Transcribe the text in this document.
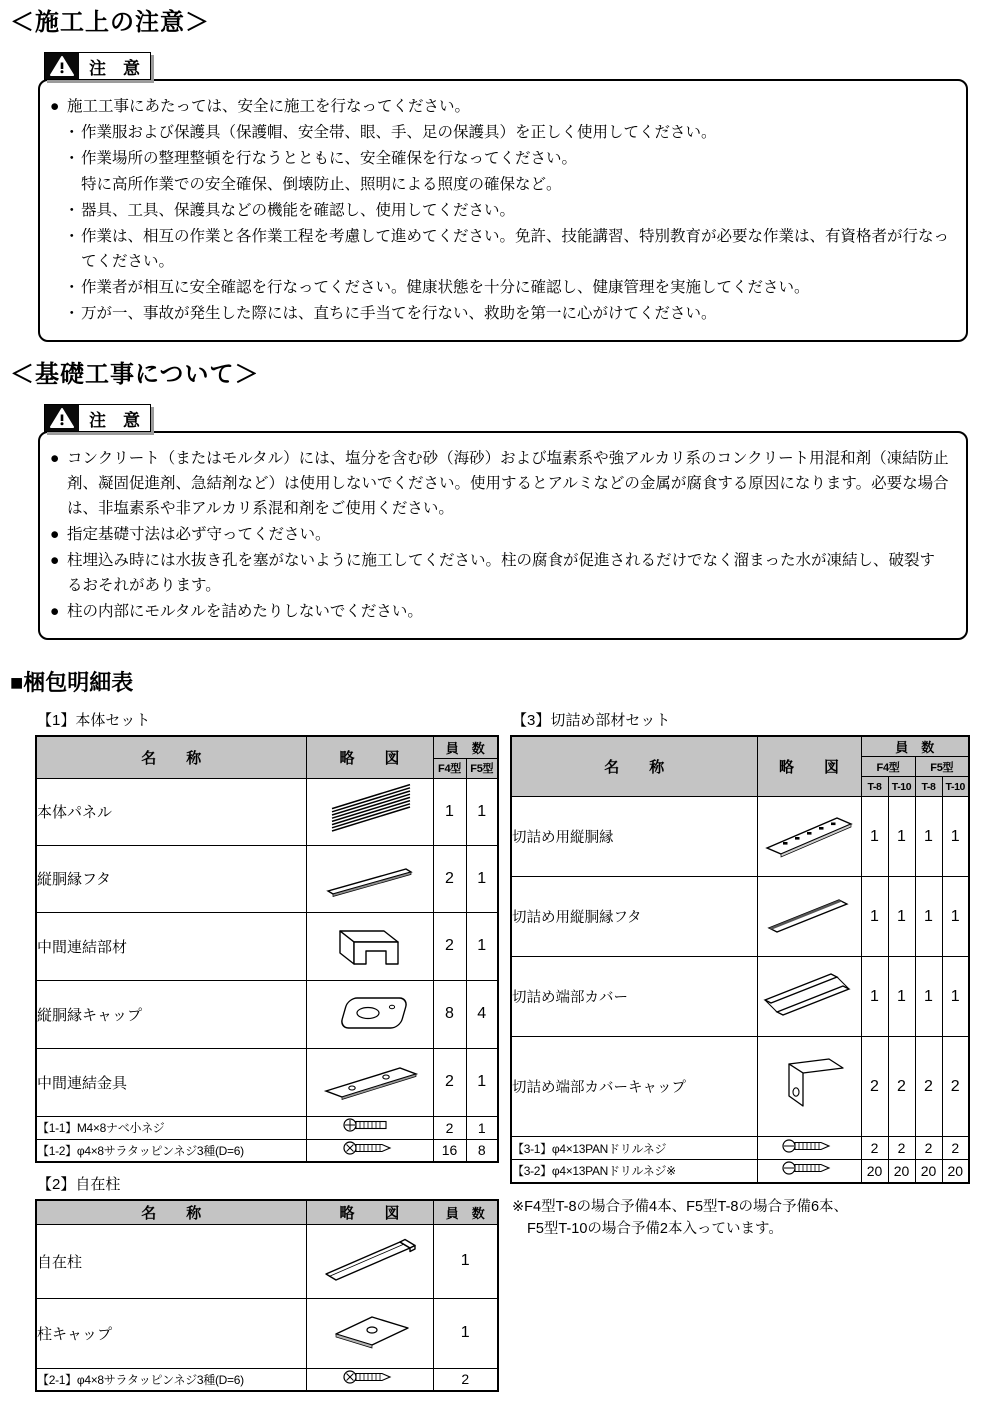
＜施工上の注意＞
注　意
● 施工工事にあたっては、安全に施工を行なってください。
・ 作業服および保護具（保護帽、安全帯、眼、手、足の保護具）を正しく使用してください。
・ 作業場所の整理整頓を行なうとともに、安全確保を行なってください。
特に高所作業での安全確保、倒壊防止、照明による照度の確保など。
・ 器具、工具、保護具などの機能を確認し、使用してください。
・ 作業は、相互の作業と各作業工程を考慮して進めてください。免許、技能講習、特別教育が必要な作業は、有資格者が行なってください。
・ 作業者が相互に安全確認を行なってください。健康状態を十分に確認し、健康管理を実施してください。
・ 万が一、事故が発生した際には、直ちに手当てを行ない、救助を第一に心がけてください。
＜基礎工事について＞
注　意
● コンクリート（またはモルタル）には、塩分を含む砂（海砂）および塩素系や強アルカリ系のコンクリート用混和剤（凍結防止剤、凝固促進剤、急結剤など）は使用しないでください。使用するとアルミなどの金属が腐食する原因になります。必要な場合は、非塩素系や非アルカリ系混和剤をご使用ください。
● 指定基礎寸法は必ず守ってください。
● 柱埋込み時には水抜き孔を塞がないように施工してください。柱の腐食が促進されるだけでなく溜まった水が凍結し、破裂するおそれがあります。
● 柱の内部にモルタルを詰めたりしないでください。
■梱包明細表
【1】本体セット
名　　称	略　　図	員　数	
		F4型	F5型
本体パネル		1	1
縦胴縁フタ		2	1
中間連結部材		2	1
縦胴縁キャップ		8	4
中間連結金具		2	1
【1-1】M4×8ナベ小ネジ		2	1
【1-2】φ4×8サラタッピンネジ3種(D=6)		16	8
【2】自在柱
名　　称	略　　図	員　数
自在柱		1
柱キャップ		1
【2-1】φ4×8サラタッピンネジ3種(D=6)		2
【3】切詰め部材セット
名　　称	略　　図	員　数			
		F4型		F5型	
		T-8	T-10	T-8	T-10
切詰め用縦胴縁		1	1	1	1
切詰め用縦胴縁フタ		1	1	1	1
切詰め端部カバー		1	1	1	1
切詰め端部カバーキャップ		2	2	2	2
【3-1】φ4×13PANドリルネジ		2	2	2	2
【3-2】φ4×13PANドリルネジ※		20	20	20	20
※F4型T-8の場合予備4本、F5型T-8の場合予備6本、
F5型T-10の場合予備2本入っています。
